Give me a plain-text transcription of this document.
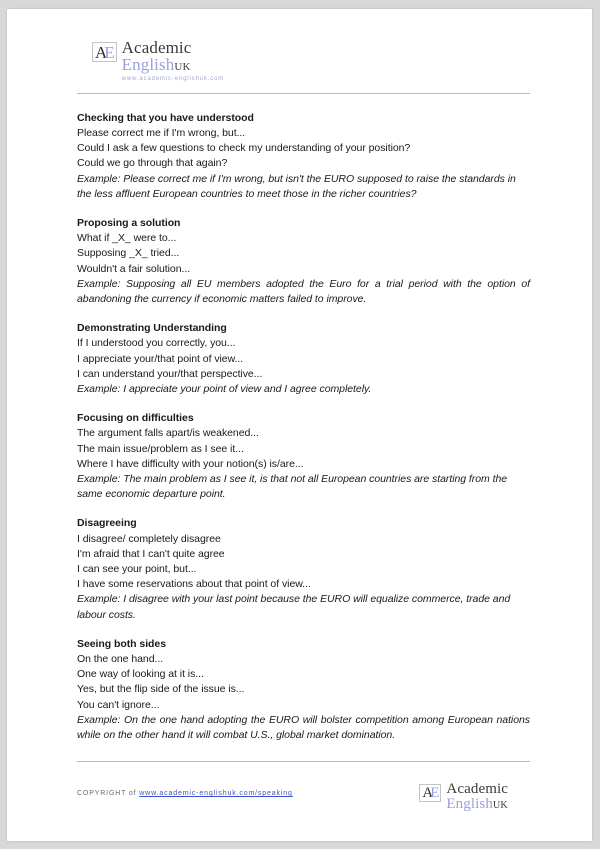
AE Academic
EnglishUK
www.academic-englishuk.com
Checking that you have understood
Please correct me if I'm wrong, but...
Could I ask a few questions to check my understanding of your position?
Could we go through that again?
Example: Please correct me if I'm wrong, but isn't the EURO supposed to raise the standards in the less affluent European countries to meet those in the richer countries?
Proposing a solution
What if _X_ were to...
Supposing _X_ tried...
Wouldn't a fair solution...
Example: Supposing all EU members adopted the Euro for a trial period with the option of abandoning the currency if economic matters failed to improve.
Demonstrating Understanding
If I understood you correctly, you...
I appreciate your/that point of view...
I can understand your/that perspective...
Example: I appreciate your point of view and I agree completely.
Focusing on difficulties
The argument falls apart/is weakened...
The main issue/problem as I see it...
Where I have difficulty with your notion(s) is/are...
Example: The main problem as I see it, is that not all European countries are starting from the same economic departure point.
Disagreeing
I disagree/ completely disagree
I'm afraid that I can't quite agree
I can see your point, but...
I have some reservations about that point of view...
Example: I disagree with your last point because the EURO will equalize commerce, trade and labour costs.
Seeing both sides
On the one hand...
One way of looking at it is...
Yes, but the flip side of the issue is...
You can't ignore...
Example: On the one hand adopting the EURO will bolster competition among European nations while on the other hand it will combat U.S., global market domination.
COPYRIGHT of www.academic-englishuk.com/speaking	AE Academic
EnglishUK
